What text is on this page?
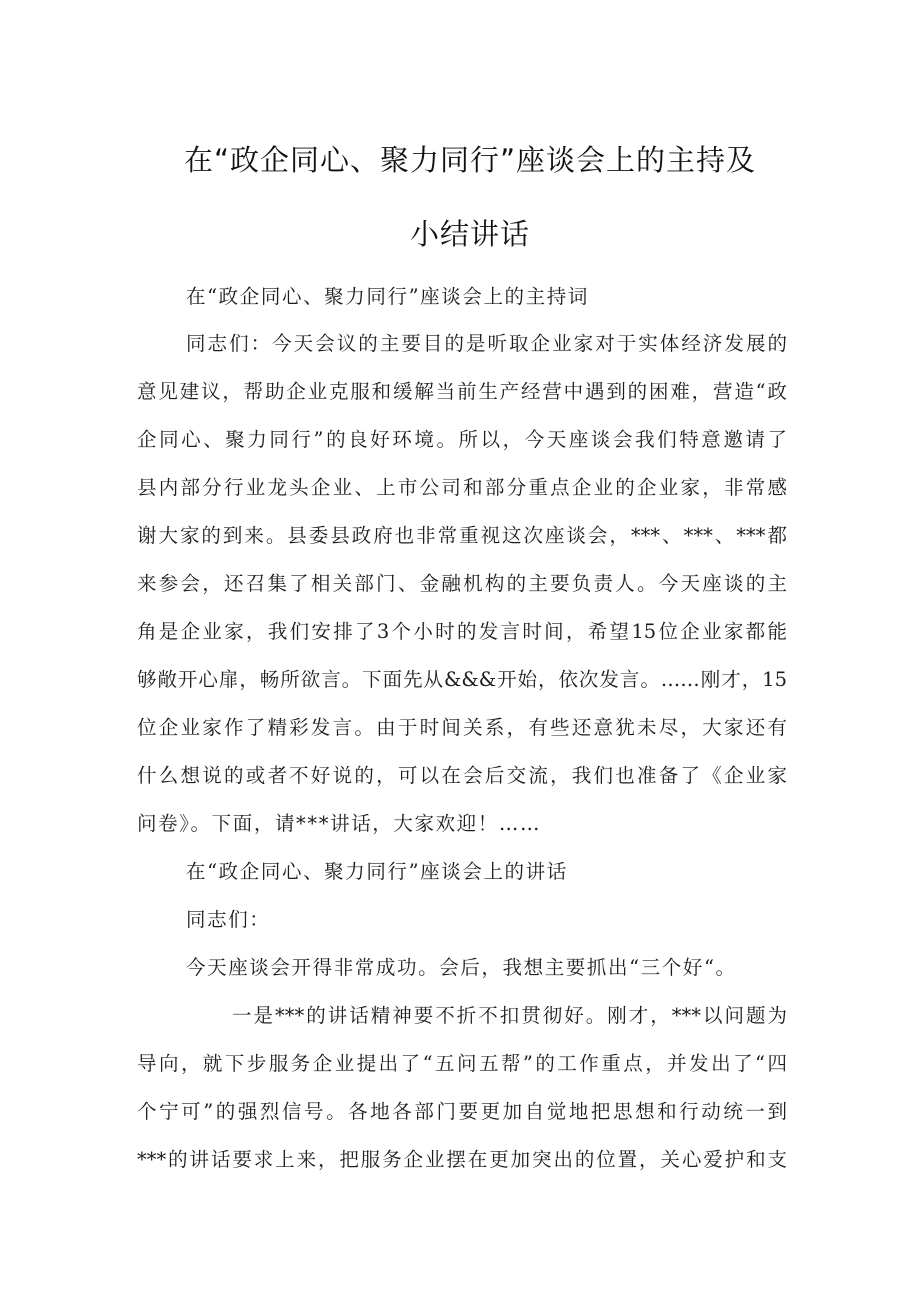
在“政企同心、聚力同行”座谈会上的主持及
小结讲话
在“政企同心、聚力同行”座谈会上的主持词
同志们：今天会议的主要目的是听取企业家对于实体经济发展的
意见建议，帮助企业克服和缓解当前生产经营中遇到的困难，营造“政
企同心、聚力同行”的良好环境。所以，今天座谈会我们特意邀请了
县内部分行业龙头企业、上市公司和部分重点企业的企业家，非常感
谢大家的到来。县委县政府也非常重视这次座谈会，***、***、***都
来参会，还召集了相关部门、金融机构的主要负责人。今天座谈的主
角是企业家，我们安排了3个小时的发言时间，希望15位企业家都能
够敞开心扉，畅所欲言。下面先从&&&开始，依次发言。……刚才，15
位企业家作了精彩发言。由于时间关系，有些还意犹未尽，大家还有
什么想说的或者不好说的，可以在会后交流，我们也准备了《企业家
问卷》。下面，请***讲话，大家欢迎！……
在“政企同心、聚力同行”座谈会上的讲话
同志们：
今天座谈会开得非常成功。会后，我想主要抓出“三个好“。
一是***的讲话精神要不折不扣贯彻好。刚才，***以问题为
导向，就下步服务企业提出了“五问五帮”的工作重点，并发出了“四
个宁可”的强烈信号。各地各部门要更加自觉地把思想和行动统一到
***的讲话要求上来，把服务企业摆在更加突出的位置，关心爱护和支
